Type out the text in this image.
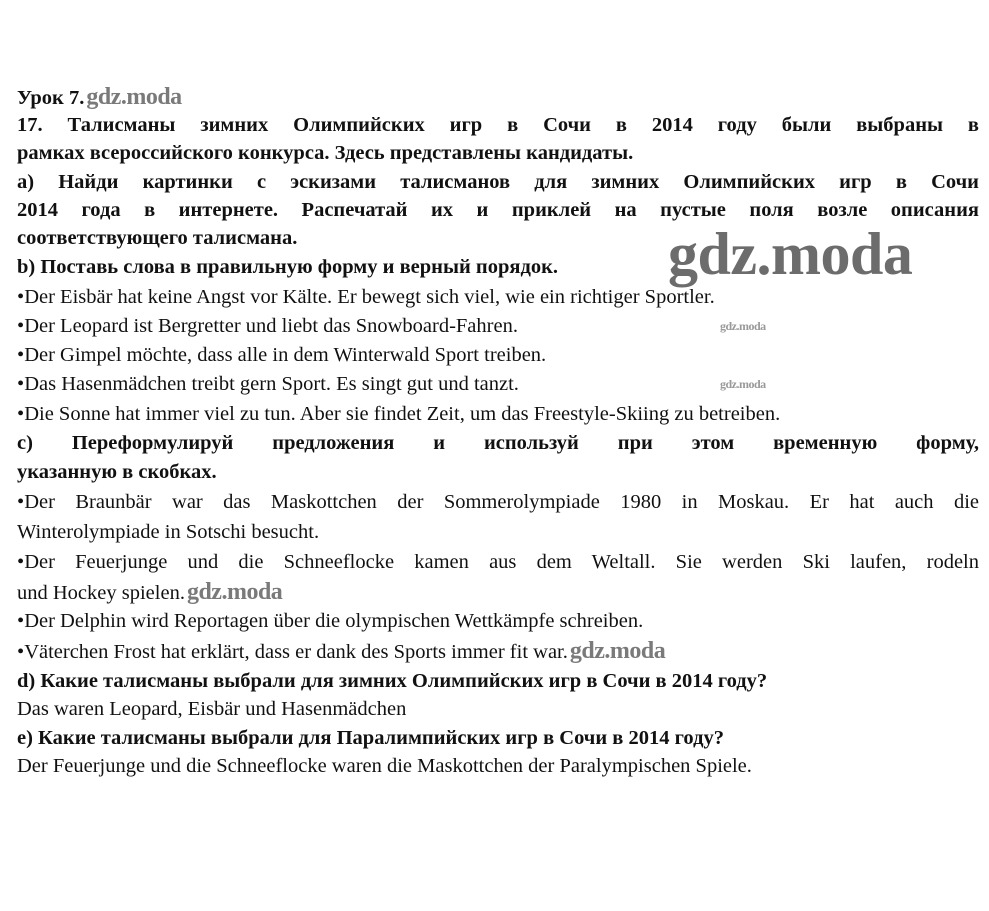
Урок 7.gdz.moda
17. Талисманы зимних Олимпийских игр в Сочи в 2014 году были выбраны в
рамках всероссийского конкурса. Здесь представлены кандидаты.
a) Найди картинки с эскизами талисманов для зимних Олимпийских игр в Сочи
2014 года в интернете. Распечатай их и приклей на пустые поля возле описания
соответствующего талисмана.
b) Поставь слова в правильную форму и верный порядок. gdz.moda
•Der Eisbär hat keine Angst vor Kälte. Er bewegt sich viel, wie ein richtiger Sportler.
•Der Leopard ist Bergretter und liebt das Snowboard-Fahren.	gdz.moda
•Der Gimpel möchte, dass alle in dem Winterwald Sport treiben.
•Das Hasenmädchen treibt gern Sport. Es singt gut und tanzt.	gdz.moda
•Die Sonne hat immer viel zu tun. Aber sie findet Zeit, um das Freestyle-Skiing zu betreiben.
c) Переформулируй предложения и используй при этом временную форму,
указанную в скобках.
•Der Braunbär war das Maskottchen der Sommerolympiade 1980 in Moskau. Er hat auch die
Winterolympiade in Sotschi besucht.
•Der Feuerjunge und die Schneeflocke kamen aus dem Weltall. Sie werden Ski laufen, rodeln
und Hockey spielen.gdz.moda
•Der Delphin wird Reportagen über die olympischen Wettkämpfe schreiben.
•Väterchen Frost hat erklärt, dass er dank des Sports immer fit war.gdz.moda
d) Какие талисманы выбрали для зимних Олимпийских игр в Сочи в 2014 году?
Das waren Leopard, Eisbär und Hasenmädchen
e) Какие талисманы выбрали для Паралимпийских игр в Сочи в 2014 году?
Der Feuerjunge und die Schneeflocke waren die Maskottchen der Paralympischen Spiele.
